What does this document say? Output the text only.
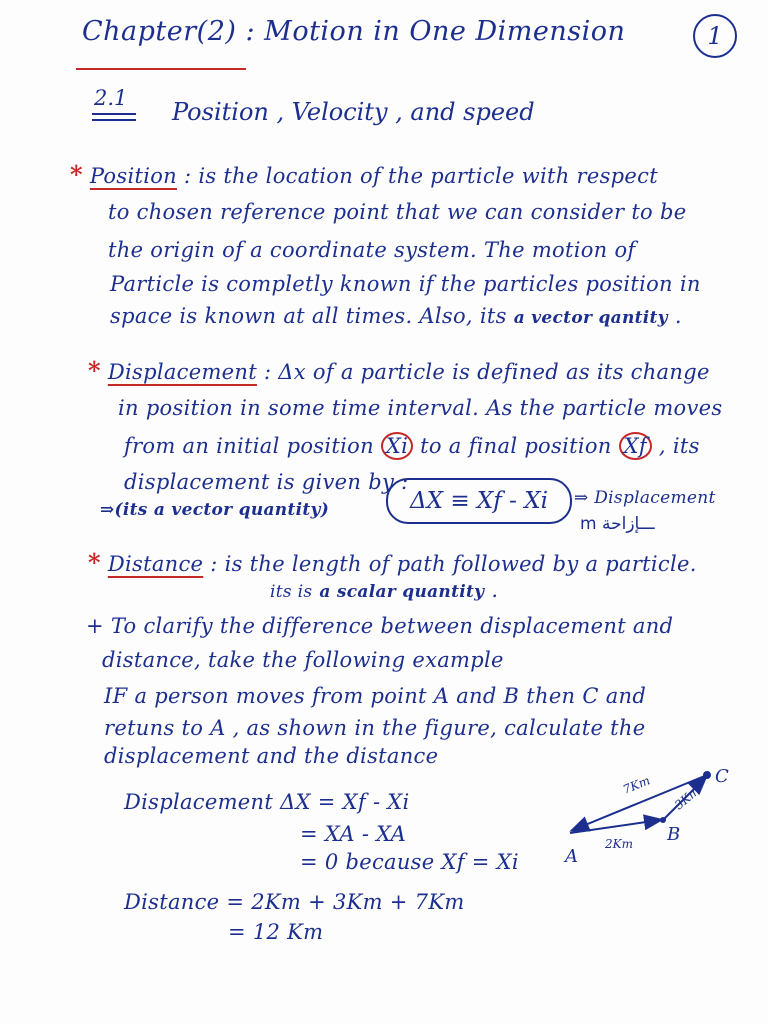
Chapter(2) : Motion in One Dimension	1
2.1 Position , Velocity , and speed
* Position : is the location of the particle with respect
to chosen reference point that we can consider to be
the origin of a coordinate system. The motion of
Particle is completly known if the particles position in
space is known at all times. Also, its a vector qantity .
* Displacement : Δx of a particle is defined as its change
in position in some time interval. As the particle moves
from an initial position Xi to a final position Xf , its
displacement is given by :
⇒(its a vector quantity)	ΔX ≡ Xf - Xi	⇒ Displacement
m ـــإزاحة
* Distance : is the length of path followed by a particle.
its is a scalar quantity .
+ To clarify the difference between displacement and
distance, take the following example
IF a person moves from point A and B then C and
retuns to A , as shown in the figure, calculate the
displacement and the distance
Displacement ΔX = Xf - Xi
= XA - XA
= 0 because Xf = Xi
Distance = 2Km + 3Km + 7Km
= 12 Km
A
B
C
2Km
3Km
7Km
